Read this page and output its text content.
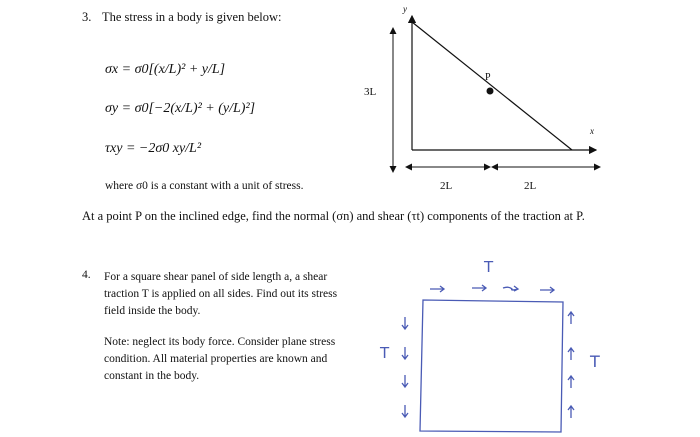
3. The stress in a body is given below:
σx = σ0[(x/L)² + y/L]
σy = σ0[−2(x/L)² + (y/L)²]
τxy = −2σ0 xy/L²
where σ0 is a constant with a unit of stress.
At a point P on the inclined edge, find the normal (σn) and shear (τt) components of the traction at P.
y
x
3L
P
2L	2L
4. For a square shear panel of side length a, a shear
traction T is applied on all sides. Find out its stress
field inside the body.
Note: neglect its body force. Consider plane stress
condition. All material properties are known and
constant in the body.
T
T	T
